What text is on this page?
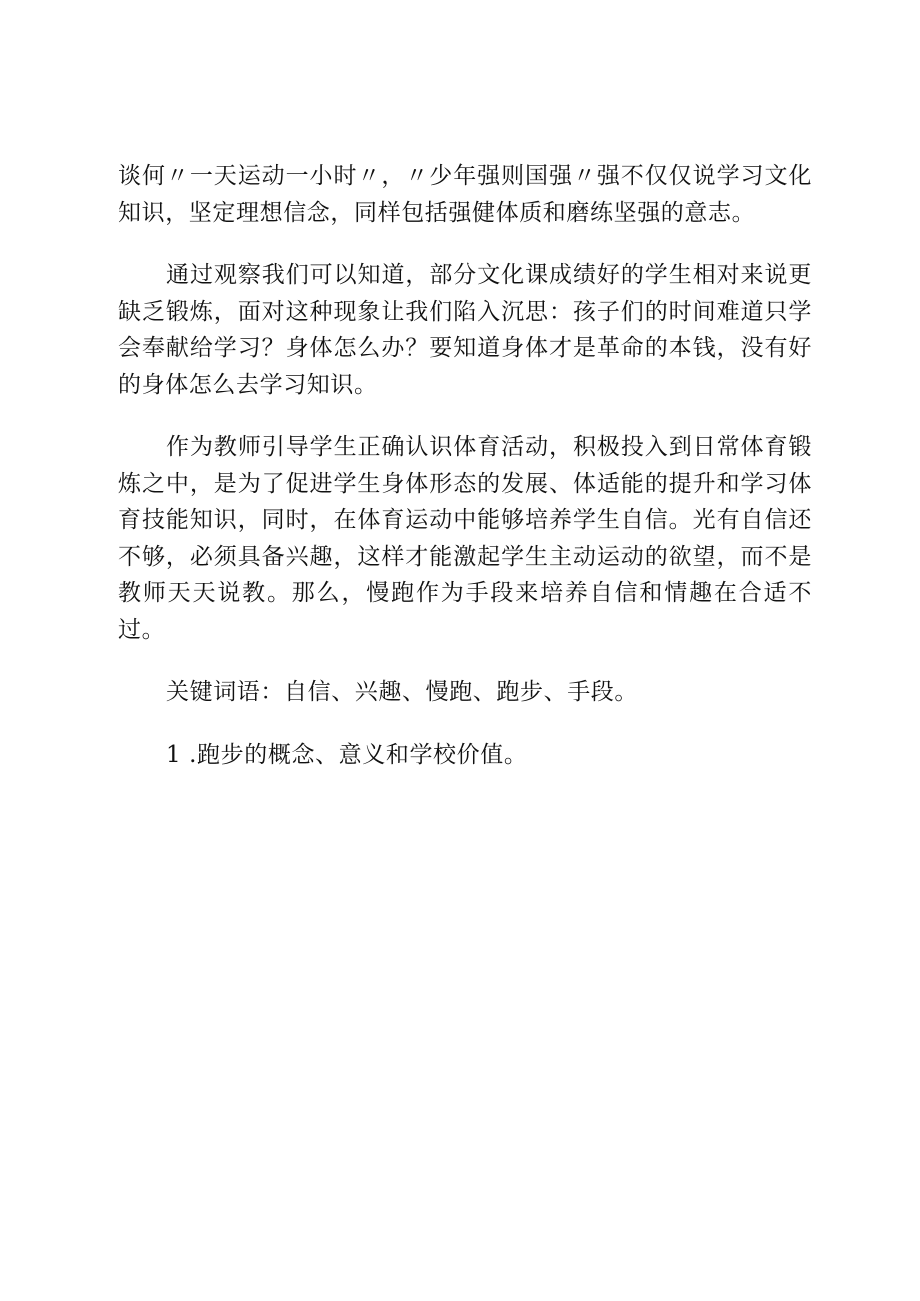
谈何〃一天运动一小时〃，〃少年强则国强〃强不仅仅说学习文化知识，坚定理想信念，同样包括强健体质和磨练坚强的意志。

通过观察我们可以知道，部分文化课成绩好的学生相对来说更缺乏锻炼，面对这种现象让我们陷入沉思：孩子们的时间难道只学会奉献给学习？身体怎么办？要知道身体才是革命的本钱，没有好的身体怎么去学习知识。

作为教师引导学生正确认识体育活动，积极投入到日常体育锻炼之中，是为了促进学生身体形态的发展、体适能的提升和学习体育技能知识，同时，在体育运动中能够培养学生自信。光有自信还不够，必须具备兴趣，这样才能激起学生主动运动的欲望，而不是教师天天说教。那么，慢跑作为手段来培养自信和情趣在合适不过。

关键词语：自信、兴趣、慢跑、跑步、手段。

1 .跑步的概念、意义和学校价值。
